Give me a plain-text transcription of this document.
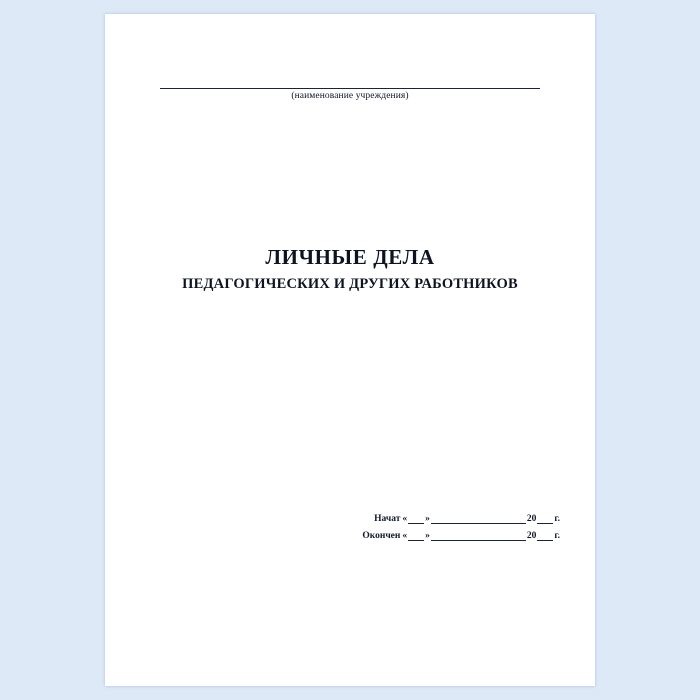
(наименование учреждения)
ЛИЧНЫЕ ДЕЛА
ПЕДАГОГИЧЕСКИХ И ДРУГИХ РАБОТНИКОВ
Начат « »	20 г.
Окончен « »	20 г.
